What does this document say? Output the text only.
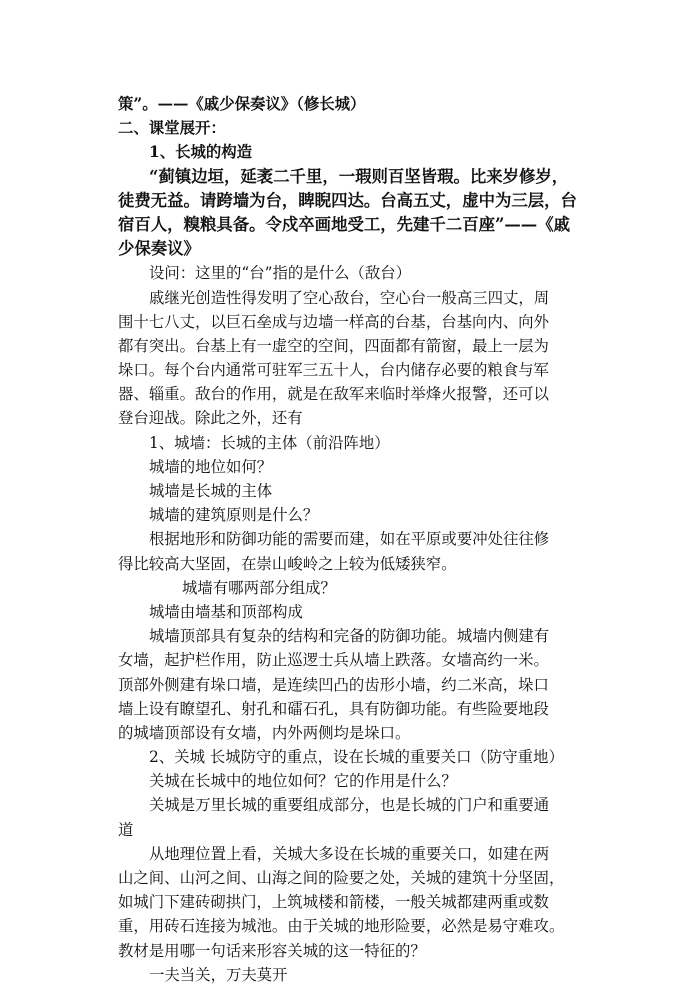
策”。——《戚少保奏议》（修长城）
二、课堂展开：
1、长城的构造
“蓟镇边垣，延袤二千里，一瑕则百坚皆瑕。比来岁修岁，
徒费无益。请跨墙为台，睥睨四达。台高五丈，虚中为三层，台
宿百人，糗粮具备。令戍卒画地受工，先建千二百座”——《戚
少保奏议》
设问：这里的“台”指的是什么（敌台）
戚继光创造性得发明了空心敌台，空心台一般高三四丈，周
围十七八丈，以巨石垒成与边墙一样高的台基，台基向内、向外
都有突出。台基上有一虚空的空间，四面都有箭窗，最上一层为
垛口。每个台内通常可驻军三五十人，台内储存必要的粮食与军
器、辎重。敌台的作用，就是在敌军来临时举烽火报警，还可以
登台迎战。除此之外，还有
1、城墙：长城的主体（前沿阵地）
城墙的地位如何？
城墙是长城的主体
城墙的建筑原则是什么？
根据地形和防御功能的需要而建，如在平原或要冲处往往修
得比较高大坚固，在崇山峻岭之上较为低矮狭窄。
城墙有哪两部分组成？
城墙由墙基和顶部构成
城墙顶部具有复杂的结构和完备的防御功能。城墙内侧建有
女墙，起护栏作用，防止巡逻士兵从墙上跌落。女墙高约一米。
顶部外侧建有垛口墙，是连续凹凸的齿形小墙，约二米高，垛口
墙上设有瞭望孔、射孔和礌石孔，具有防御功能。有些险要地段
的城墙顶部设有女墙，内外两侧均是垛口。
2、关城 长城防守的重点，设在长城的重要关口（防守重地）
关城在长城中的地位如何？它的作用是什么？
关城是万里长城的重要组成部分，也是长城的门户和重要通
道
从地理位置上看，关城大多设在长城的重要关口，如建在两
山之间、山河之间、山海之间的险要之处，关城的建筑十分坚固，
如城门下建砖砌拱门，上筑城楼和箭楼，一般关城都建两重或数
重，用砖石连接为城池。由于关城的地形险要，必然是易守难攻。
教材是用哪一句话来形容关城的这一特征的？
一夫当关，万夫莫开
